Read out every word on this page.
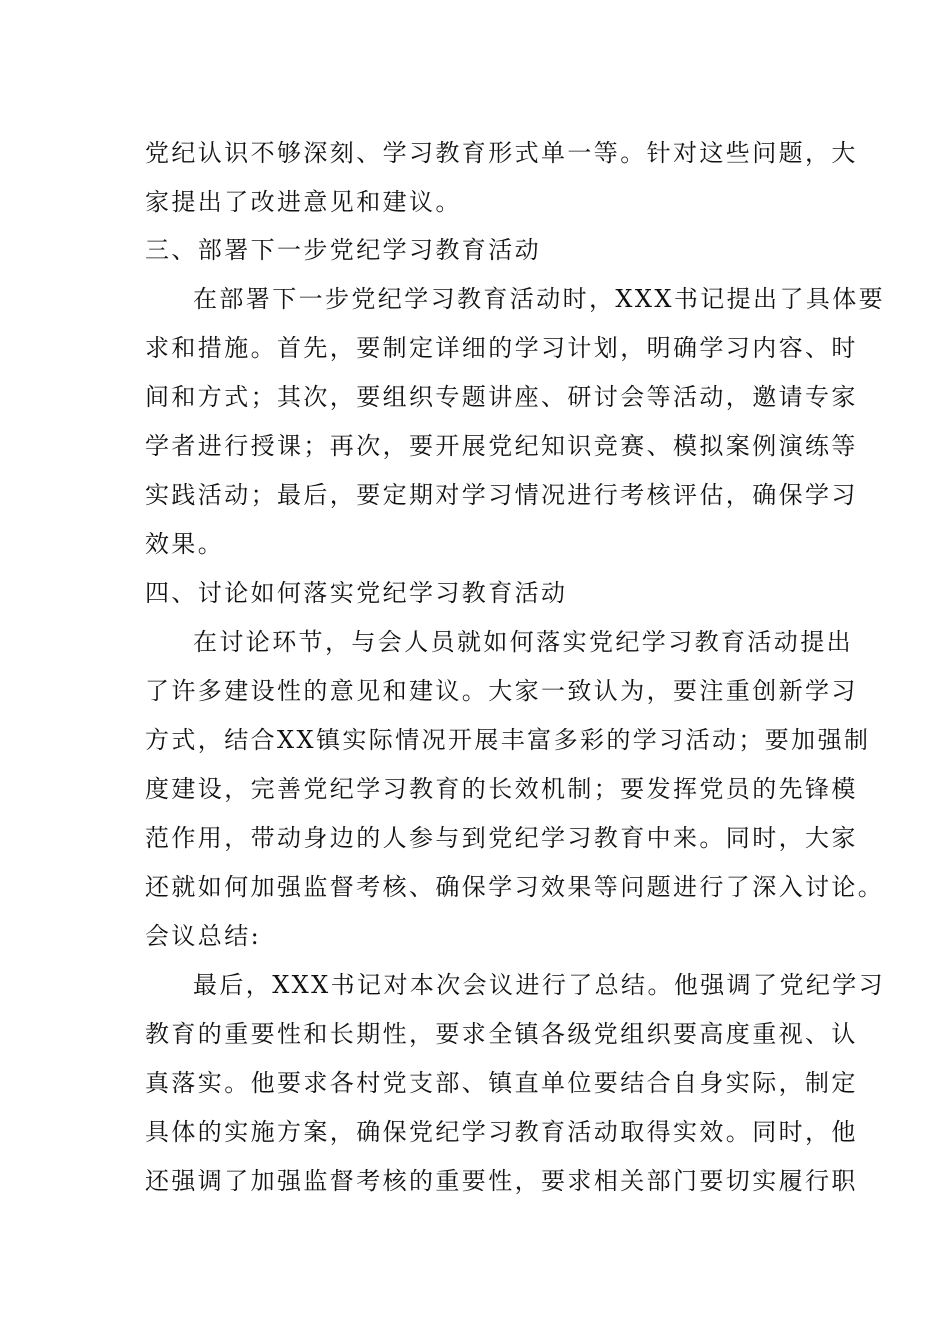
党纪认识不够深刻、学习教育形式单一等。针对这些问题，大
家提出了改进意见和建议。
三、部署下一步党纪学习教育活动
在部署下一步党纪学习教育活动时，XXX书记提出了具体要
求和措施。首先，要制定详细的学习计划，明确学习内容、时
间和方式；其次，要组织专题讲座、研讨会等活动，邀请专家
学者进行授课；再次，要开展党纪知识竞赛、模拟案例演练等
实践活动；最后，要定期对学习情况进行考核评估，确保学习
效果。
四、讨论如何落实党纪学习教育活动
在讨论环节，与会人员就如何落实党纪学习教育活动提出
了许多建设性的意见和建议。大家一致认为，要注重创新学习
方式，结合XX镇实际情况开展丰富多彩的学习活动；要加强制
度建设，完善党纪学习教育的长效机制；要发挥党员的先锋模
范作用，带动身边的人参与到党纪学习教育中来。同时，大家
还就如何加强监督考核、确保学习效果等问题进行了深入讨论。
会议总结:
最后，XXX书记对本次会议进行了总结。他强调了党纪学习
教育的重要性和长期性，要求全镇各级党组织要高度重视、认
真落实。他要求各村党支部、镇直单位要结合自身实际，制定
具体的实施方案，确保党纪学习教育活动取得实效。同时，他
还强调了加强监督考核的重要性，要求相关部门要切实履行职
